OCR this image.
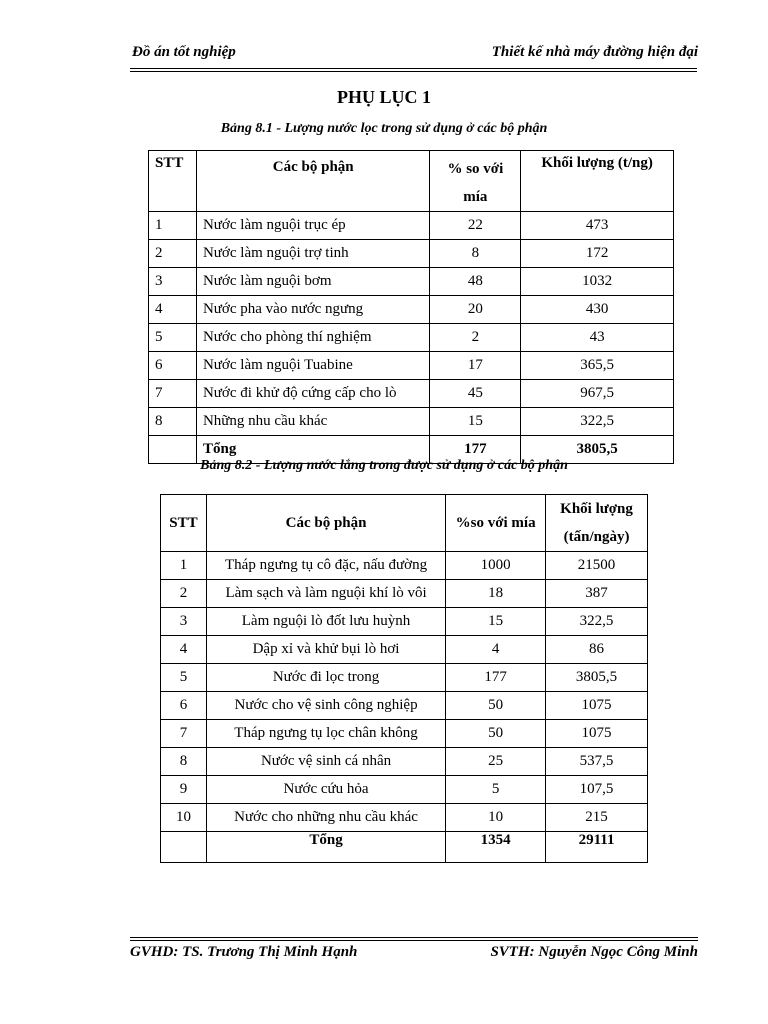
Đồ án tốt nghiệp	Thiết kế nhà máy đường hiện đại
PHỤ LỤC 1
Bảng 8.1 - Lượng nước lọc trong sử dụng ở các bộ phận
STT	Các bộ phận	% so với mía	Khối lượng (t/ng)
1	Nước làm nguội trục ép	22	473
2	Nước làm nguội trợ tinh	8	172
3	Nước làm nguội bơm	48	1032
4	Nước pha vào nước ngưng	20	430
5	Nước cho phòng thí nghiệm	2	43
6	Nước làm nguội Tuabine	17	365,5
7	Nước đi khử độ cứng cấp cho lò	45	967,5
8	Những nhu cầu khác	15	322,5
	Tổng	177	3805,5
Bảng 8.2 - Lượng nước lắng trong được sử dụng ở các bộ phận
STT	Các bộ phận	%so với mía	Khối lượng (tấn/ngày)
1	Tháp ngưng tụ cô đặc, nấu đường	1000	21500
2	Làm sạch và làm nguội khí lò vôi	18	387
3	Làm nguội lò đốt lưu huỳnh	15	322,5
4	Dập xỉ và khử bụi lò hơi	4	86
5	Nước đi lọc trong	177	3805,5
6	Nước cho vệ sinh công nghiệp	50	1075
7	Tháp ngưng tụ lọc chân không	50	1075
8	Nước vệ sinh cá nhân	25	537,5
9	Nước cứu hỏa	5	107,5
10	Nước cho những nhu cầu khác	10	215
	Tổng	1354	29111
GVHD: TS. Trương Thị Minh Hạnh	SVTH: Nguyễn Ngọc Công Minh
